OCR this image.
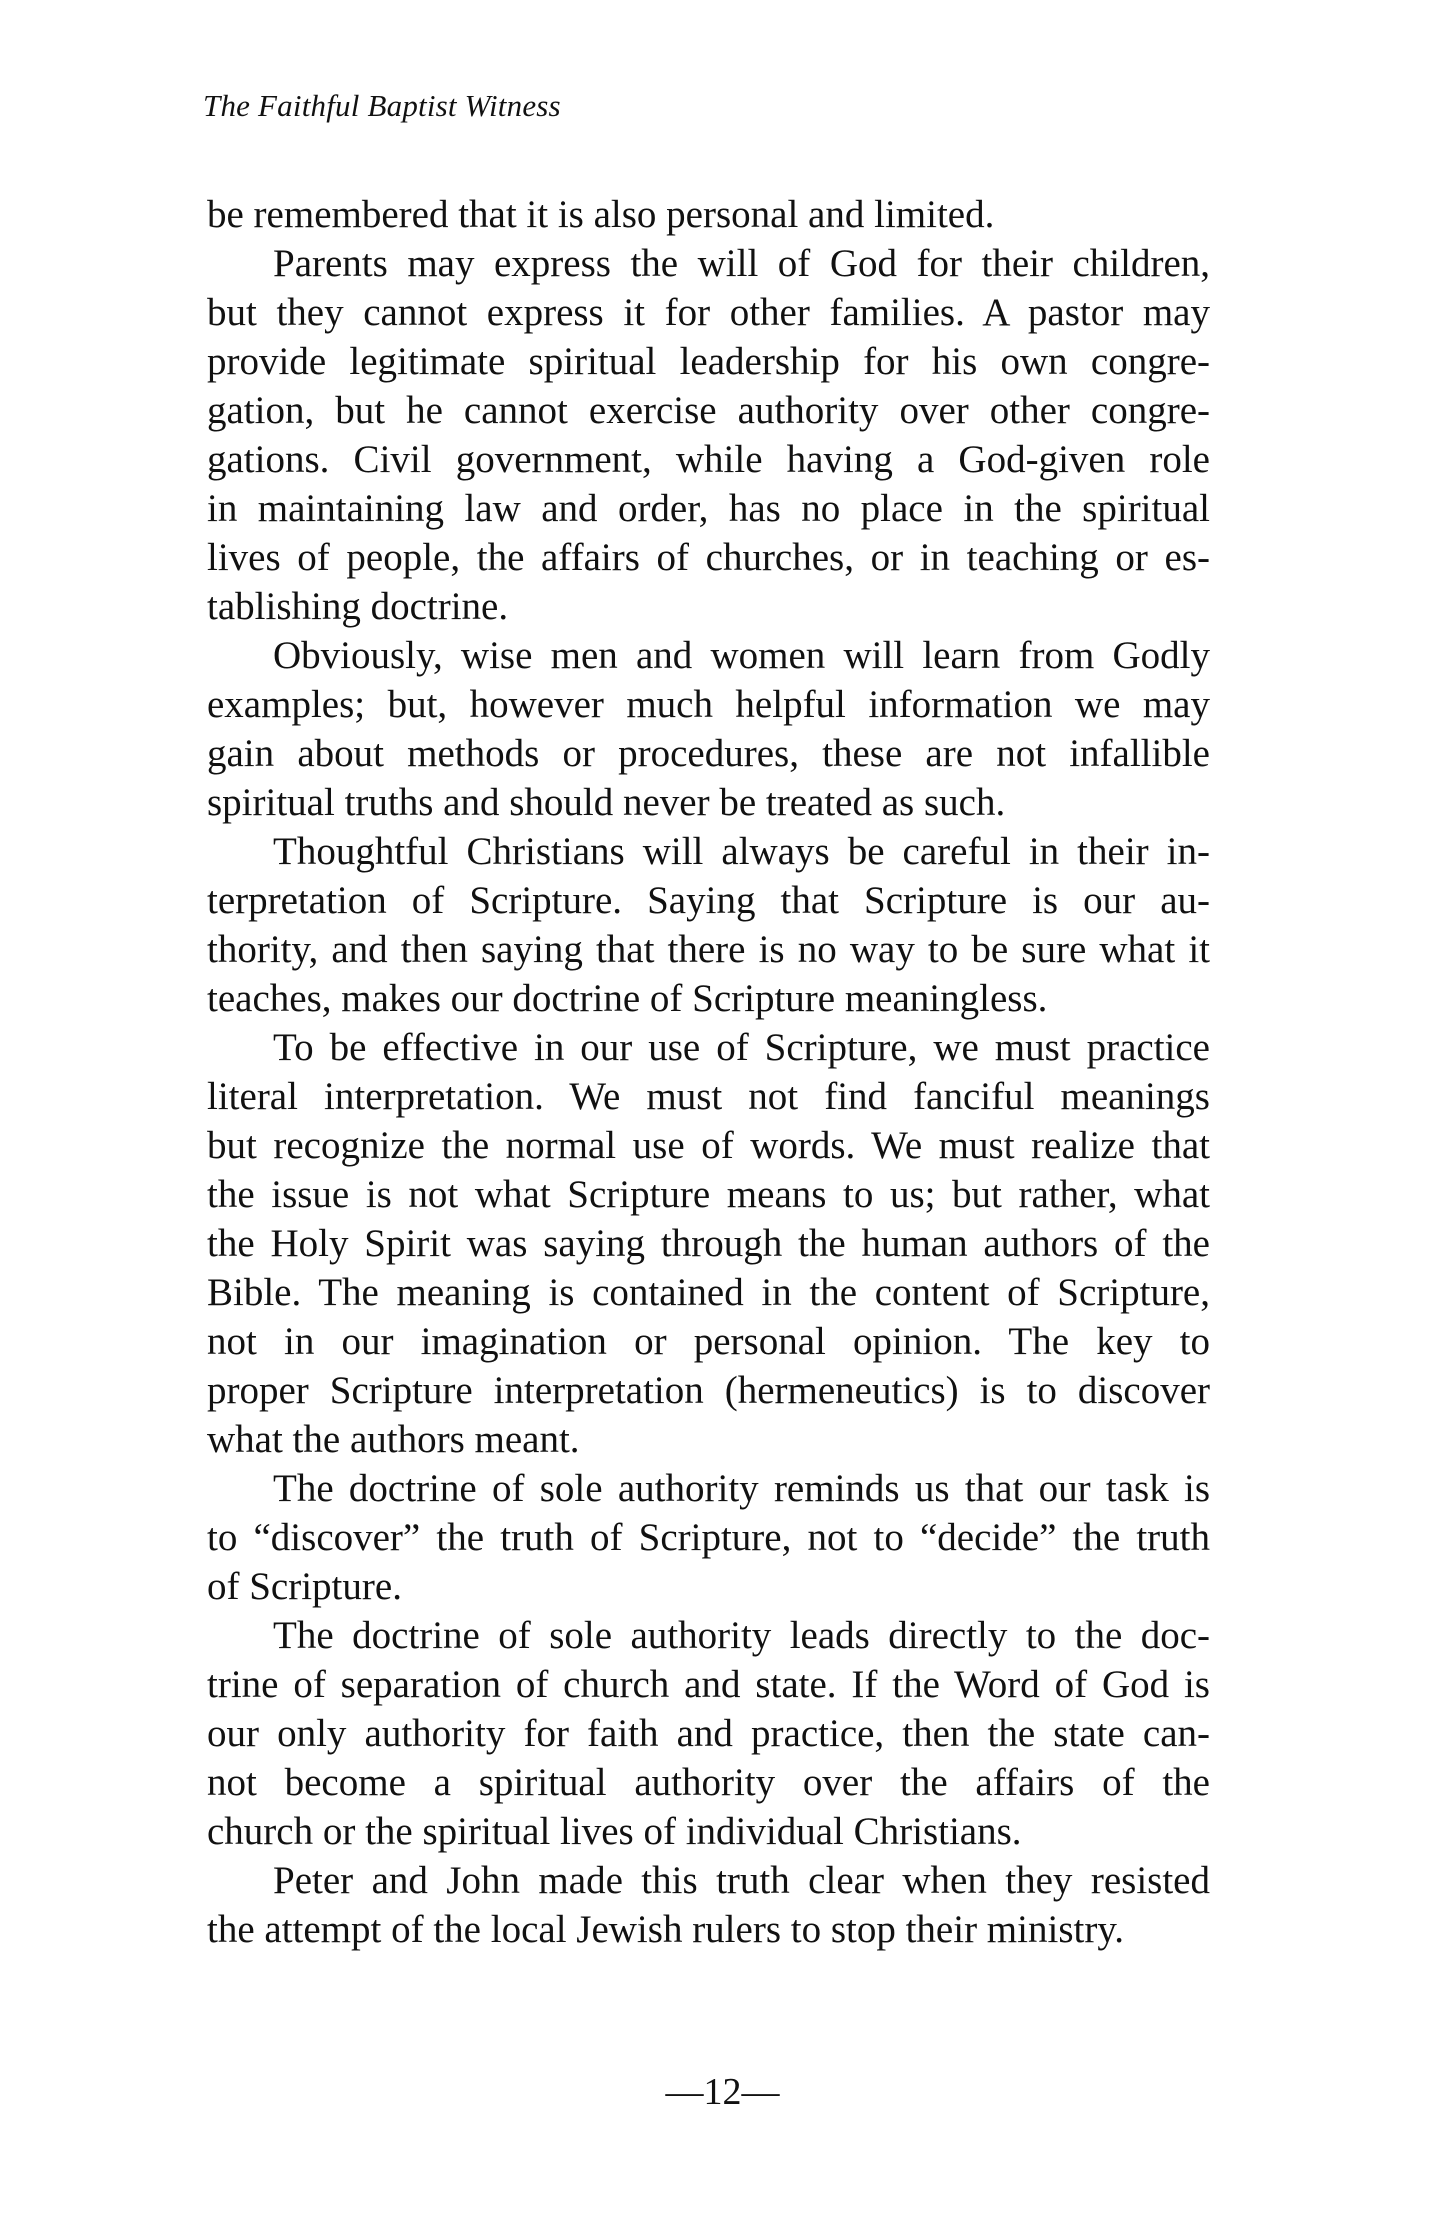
The Faithful Baptist Witness
be remembered that it is also personal and limited.
Parents may express the will of God for their children,
but they cannot express it for other families. A pastor may
provide legitimate spiritual leadership for his own congre-
gation, but he cannot exercise authority over other congre-
gations. Civil government, while having a God-given role
in maintaining law and order, has no place in the spiritual
lives of people, the affairs of churches, or in teaching or es-
tablishing doctrine.
Obviously, wise men and women will learn from Godly
examples; but, however much helpful information we may
gain about methods or procedures, these are not infallible
spiritual truths and should never be treated as such.
Thoughtful Christians will always be careful in their in-
terpretation of Scripture. Saying that Scripture is our au-
thority, and then saying that there is no way to be sure what it
teaches, makes our doctrine of Scripture meaningless.
To be effective in our use of Scripture, we must practice
literal interpretation. We must not find fanciful meanings
but recognize the normal use of words. We must realize that
the issue is not what Scripture means to us; but rather, what
the Holy Spirit was saying through the human authors of the
Bible. The meaning is contained in the content of Scripture,
not in our imagination or personal opinion. The key to
proper Scripture interpretation (hermeneutics) is to discover
what the authors meant.
The doctrine of sole authority reminds us that our task is
to “discover” the truth of Scripture, not to “decide” the truth
of Scripture.
The doctrine of sole authority leads directly to the doc-
trine of separation of church and state. If the Word of God is
our only authority for faith and practice, then the state can-
not become a spiritual authority over the affairs of the
church or the spiritual lives of individual Christians.
Peter and John made this truth clear when they resisted
the attempt of the local Jewish rulers to stop their ministry.
—12—
